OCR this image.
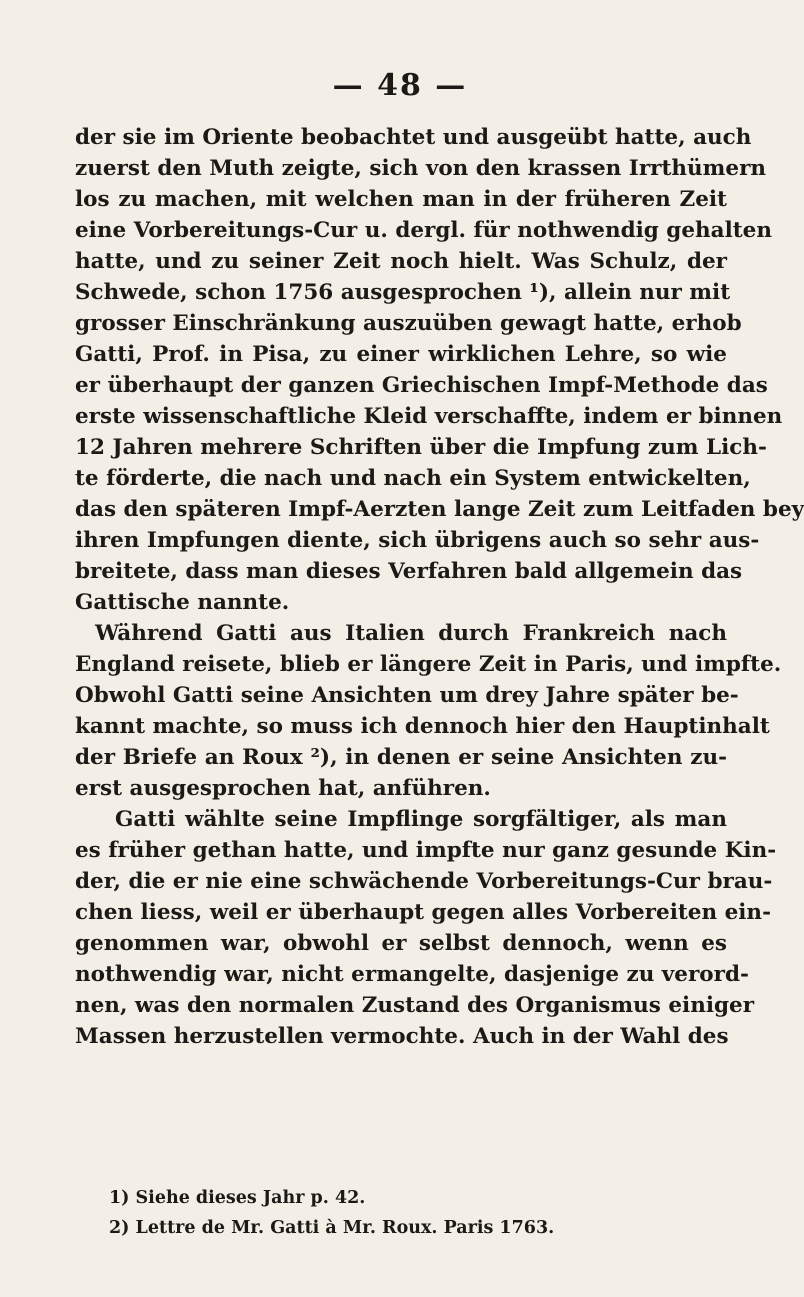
— 48 —
der sie im Oriente beobachtet und ausgeübt hatte, auch
zuerst den Muth zeigte, sich von den krassen Irrthümern
los zu machen, mit welchen man in der früheren Zeit
eine Vorbereitungs-Cur u. dergl. für nothwendig gehalten
hatte, und zu seiner Zeit noch hielt. Was Schulz, der
Schwede, schon 1756 ausgesprochen ¹), allein nur mit
grosser Einschränkung auszuüben gewagt hatte, erhob
Gatti, Prof. in Pisa, zu einer wirklichen Lehre, so wie
er überhaupt der ganzen Griechischen Impf-Methode das
erste wissenschaftliche Kleid verschaffte, indem er binnen
12 Jahren mehrere Schriften über die Impfung zum Lich-
te förderte, die nach und nach ein System entwickelten,
das den späteren Impf-Aerzten lange Zeit zum Leitfaden bey
ihren Impfungen diente, sich übrigens auch so sehr aus-
breitete, dass man dieses Verfahren bald allgemein das
Gattische nannte.
Während Gatti aus Italien durch Frankreich nach
England reisete, blieb er längere Zeit in Paris, und impfte.
Obwohl Gatti seine Ansichten um drey Jahre später be-
kannt machte, so muss ich dennoch hier den Hauptinhalt
der Briefe an Roux ²), in denen er seine Ansichten zu-
erst ausgesprochen hat, anführen.
Gatti wählte seine Impflinge sorgfältiger, als man
es früher gethan hatte, und impfte nur ganz gesunde Kin-
der, die er nie eine schwächende Vorbereitungs-Cur brau-
chen liess, weil er überhaupt gegen alles Vorbereiten ein-
genommen war, obwohl er selbst dennoch, wenn es
nothwendig war, nicht ermangelte, dasjenige zu verord-
nen, was den normalen Zustand des Organismus einiger
Massen herzustellen vermochte. Auch in der Wahl des
1) Siehe dieses Jahr p. 42.
2) Lettre de Mr. Gatti à Mr. Roux. Paris 1763.
